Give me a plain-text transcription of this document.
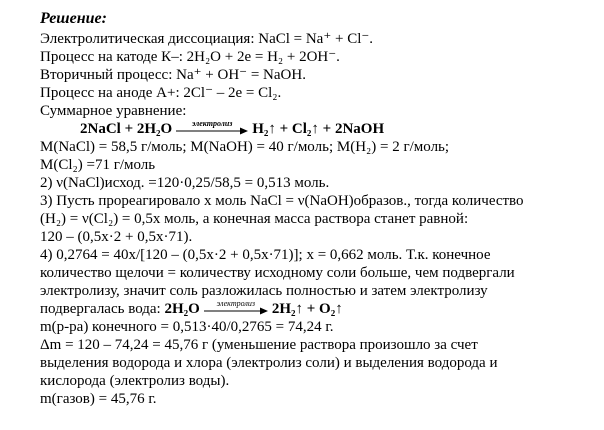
Решение:
Электролитическая диссоциация: NaCl = Na⁺ + Cl⁻.
Процесс на катоде К–: 2H₂O + 2e = H₂ + 2OH⁻.
Вторичный процесс: Na⁺ + OH⁻ = NaOH.
Процесс на аноде А+: 2Cl⁻ – 2e = Cl₂.
Суммарное уравнение:
2NaCl + 2H₂O	электролиз	H₂↑ + Cl₂↑ + 2NaOH
M(NaCl) = 58,5 г/моль; M(NaOH) = 40 г/моль; M(H₂) = 2 г/моль;
M(Cl₂) =71 г/моль
2) ν(NaCl)исход. =120·0,25/58,5 = 0,513 моль.
3) Пусть прореагировало x моль NaCl = ν(NaOH)образов., тогда количество
(H₂) = ν(Cl₂) = 0,5x моль, а конечная масса раствора станет равной:
120 – (0,5x·2 + 0,5x·71).
4) 0,2764 = 40x/[120 – (0,5x·2 + 0,5x·71)]; x = 0,662 моль. Т.к. конечное
количество щелочи = количеству исходному соли больше, чем подвергали
электролизу, значит соль разложилась полностью и затем электролизу
подвергалась вода: 2H₂O	электролиз	2H₂↑ + O₂↑
m(р-ра) конечного = 0,513·40/0,2765 = 74,24 г.
Δm = 120 – 74,24 = 45,76 г (уменьшение раствора произошло за счет
выделения водорода и хлора (электролиз соли) и выделения водорода и
кислорода (электролиз воды).
m(газов) = 45,76 г.
